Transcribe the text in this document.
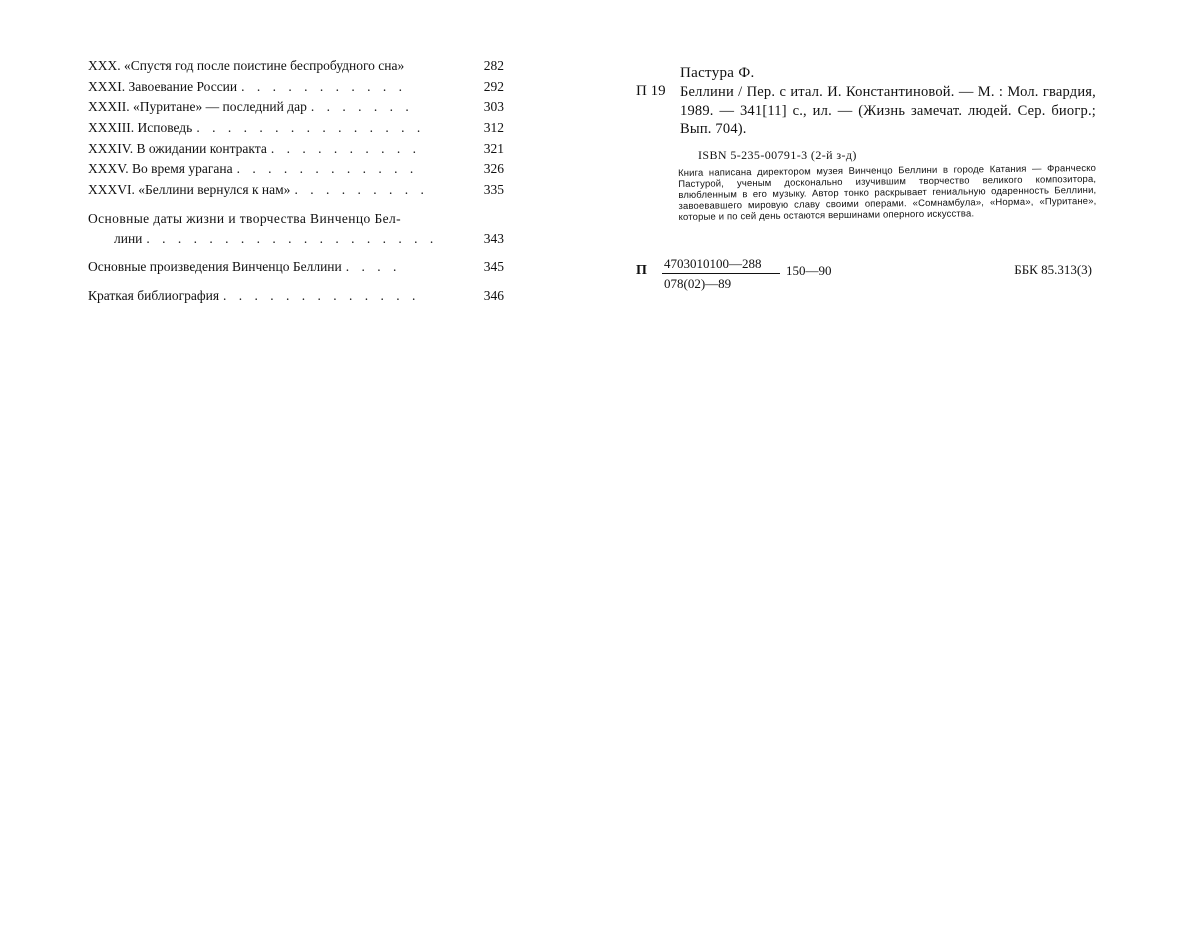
XXX. «Спустя год после поистине беспробудного сна»	282
XXXI. Завоевание России . . . . . . . . . . .	292
XXXII. «Пуритане» — последний дар . . . . . . .	303
XXXIII. Исповедь . . . . . . . . . . . . . . .	312
XXXIV. В ожидании контракта . . . . . . . . . .	321
XXXV. Во время урагана . . . . . . . . . . . .	326
XXXVI. «Беллини вернулся к нам» . . . . . . . . .	335
Основные даты жизни и творчества Винченцо Бел-
лини . . . . . . . . . . . . . . . . . . .	343
Основные произведения Винченцо Беллини . . . .	345
Краткая библиография . . . . . . . . . . . . .	346
Пастура Ф.
П 19 Беллини / Пер. с итал. И. Константиновой. — М. : Мол. гвардия, 1989. — 341[11] с., ил. — (Жизнь замечат. людей. Сер. биогр.; Вып. 704).
ISBN 5-235-00791-3 (2-й з-д)
Книга написана директором музея Винченцо Беллини в городе Катания — Франческо Пастурой, ученым досконально изучившим творчество великого композитора, влюбленным в его музыку. Автор тонко раскрывает гениальную одаренность Беллини, завоевавшего мировую славу своими операми. «Сомнамбула», «Норма», «Пуритане», которые и по сей день остаются вершинами оперного искусства.
П $\frac{4703010100—288}{078(02)—89}$ 150—90	ББК 85.313(3)
